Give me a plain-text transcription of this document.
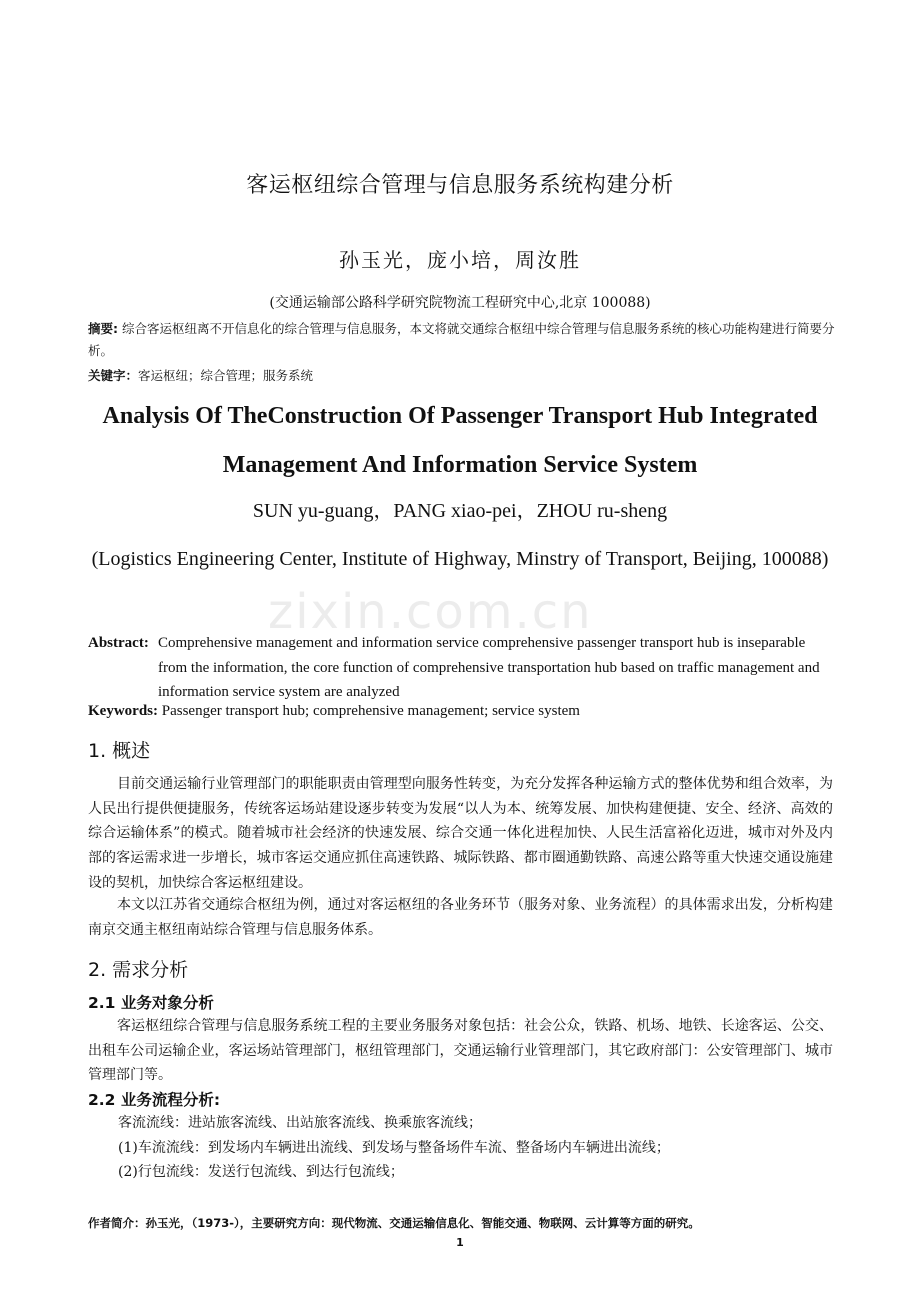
zixin.com.cn
客运枢纽综合管理与信息服务系统构建分析
孙玉光，庞小培，周汝胜
(交通运输部公路科学研究院物流工程研究中心,北京 100088)
摘要: 综合客运枢纽离不开信息化的综合管理与信息服务，本文将就交通综合枢纽中综合管理与信息服务系统的核心功能构建进行简要分析。
关键字：客运枢纽；综合管理；服务系统
Analysis Of TheConstruction Of Passenger Transport Hub Integrated Management And Information Service System
SUN yu-guang，PANG xiao-pei，ZHOU ru-sheng
(Logistics Engineering Center, Institute of Highway, Minstry of Transport, Beijing, 100088)
Abstract: Comprehensive management and information service comprehensive passenger transport hub is inseparable from the information, the core function of comprehensive transportation hub based on traffic management and information service system are analyzed
Keywords: Passenger transport hub; comprehensive management; service system
1. 概述
目前交通运输行业管理部门的职能职责由管理型向服务性转变，为充分发挥各种运输方式的整体优势和组合效率，为人民出行提供便捷服务，传统客运场站建设逐步转变为发展“以人为本、统筹发展、加快构建便捷、安全、经济、高效的综合运输体系”的模式。随着城市社会经济的快速发展、综合交通一体化进程加快、人民生活富裕化迈进，城市对外及内部的客运需求进一步增长，城市客运交通应抓住高速铁路、城际铁路、都市圈通勤铁路、高速公路等重大快速交通设施建设的契机，加快综合客运枢纽建设。
本文以江苏省交通综合枢纽为例，通过对客运枢纽的各业务环节（服务对象、业务流程）的具体需求出发，分析构建南京交通主枢纽南站综合管理与信息服务体系。
2. 需求分析
2.1 业务对象分析
客运枢纽综合管理与信息服务系统工程的主要业务服务对象包括：社会公众，铁路、机场、地铁、长途客运、公交、出租车公司运输企业，客运场站管理部门，枢纽管理部门，交通运输行业管理部门，其它政府部门：公安管理部门、城市管理部门等。
2.2 业务流程分析:
客流流线：进站旅客流线、出站旅客流线、换乘旅客流线；
(1)车流流线：到发场内车辆进出流线、到发场与整备场件车流、整备场内车辆进出流线；
(2)行包流线：发送行包流线、到达行包流线；
作者简介：孙玉光，（1973-），主要研究方向：现代物流、交通运输信息化、智能交通、物联网、云计算等方面的研究。
1
